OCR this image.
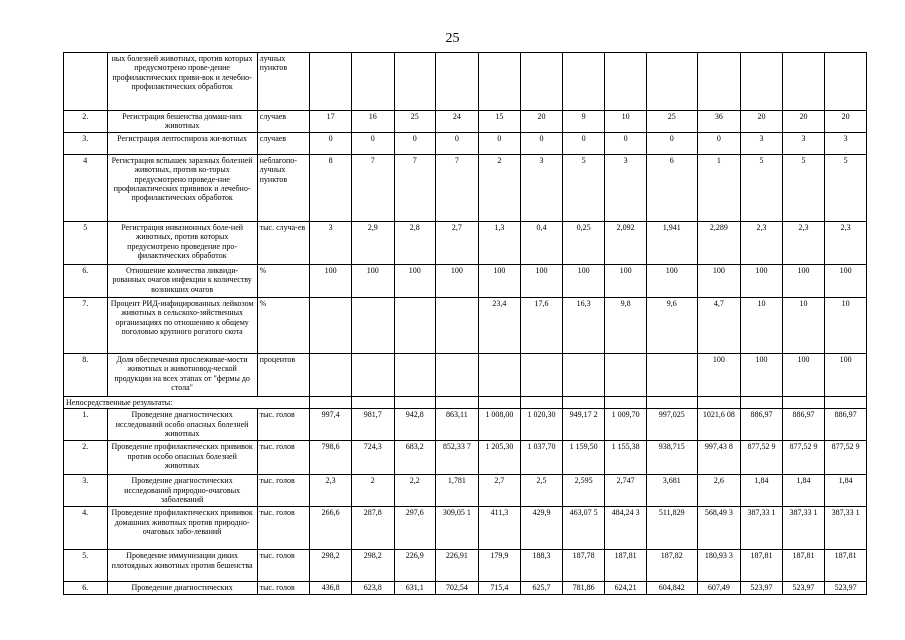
25
	ных болезней животных, против которых предусмотрено прове-дение профилактических приви-вок и лечебно-профилактических обработок	лучных пунктов													
2.	Регистрация бешенства домаш-них животных	случаев	17	16	25	24	15	20	9	10	25	36	20	20	20
3.	Регистрация лептоспироза жи-вотных	случаев	0	0	0	0	0	0	0	0	0	0	3	3	3
4	Регистрация вспышек заразных болезней животных, против ко-торых предусмотрено проведе-ние профилактических прививок и лечебно-профилактических обработок	неблагопо-лучных пунктов	8	7	7	7	2	3	5	3	6	1	5	5	5
5	Регистрация инвазионных боле-ней животных, против которых предусмотрено проведение про-филактических обработок	тыс. случа-ев	3	2,9	2,8	2,7	1,3	0,4	0,25	2,092	1,941	2,289	2,3	2,3	2,3
6.	Отношение количества ликвиди-рованных очагов инфекции к количеству возникших очагов	%	100	100	100	100	100	100	100	100	100	100	100	100	100
7.	Процент РИД-инфицированных лейкозом животных в сельскохо-зяйственных организациях по отношению к общему поголовью крупного рогатого скота	%					23,4	17,6	16,3	9,8	9,6	4,7	10	10	10
8.	Доля обеспечения прослеживае-мости животных и животновод-ческой продукции на всех этапах от "фермы до стола"	процентов										100	100	100	100
Непосредственные результаты:															
1.	Проведение диагностических исследований особо опасных болезней животных	тыс. голов	997,4	981,7	942,8	863,11	1 008,00	1 020,30	949,17 2	1 009,70	997,025	1021,6 08	886,97	886,97	886,97
2.	Проведение профилактических прививок против особо опасных болезней животных	тыс. голов	798,6	724,3	683,2	852,33 7	1 205,30	1 037,70	1 159,50	1 155,38	938,715	997,43 8	877,52 9	877,52 9	877,52 9
3.	Проведение диагностических исследований природно-очаговых заболеваний	тыс. голов	2,3	2	2,2	1,781	2,7	2,5	2,595	2,747	3,681	2,6	1,84	1,84	1,84
4.	Проведение профилактических прививок домашних животных против природно-очаговых забо-леваний	тыс. голов	266,6	287,8	297,6	309,05 1	411,3	429,9	463,07 5	484,24 3	511,829	568,49 3	387,33 1	387,33 1	387,33 1
5.	Проведение иммунизации диких плотоядных животных против бешенства	тыс. голов	298,2	298,2	226,9	226,91	179,9	188,3	187,78	187,81	187,82	180,93 3	187,81	187,81	187,81
6.	Проведение диагностических	тыс. голов	436,8	623,8	631,1	702,54	715,4	625,7	781,86	624,21	604,842	607,49	523,97	523,97	523,97
